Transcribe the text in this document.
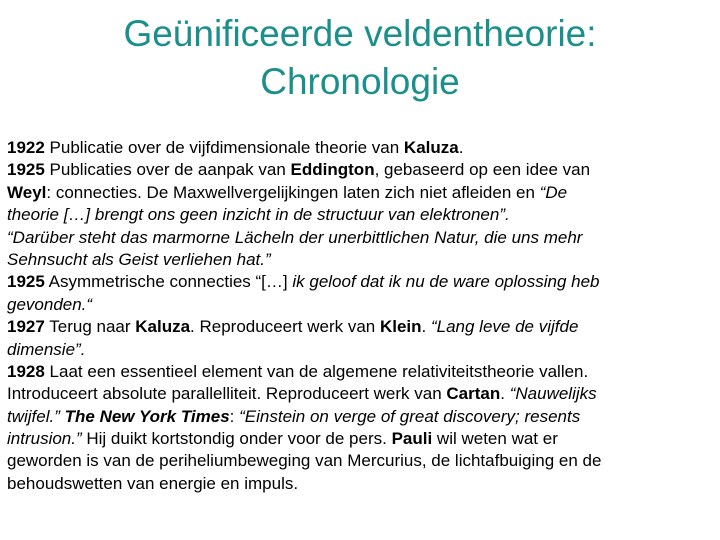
Geünificeerde veldentheorie:
Chronologie
1922 Publicatie over de vijfdimensionale theorie van Kaluza.
1925 Publicaties over de aanpak van Eddington, gebaseerd op een idee van
Weyl: connecties. De Maxwellvergelijkingen laten zich niet afleiden en “De
theorie […] brengt ons geen inzicht in de structuur van elektronen”.
“Darüber steht das marmorne Lächeln der unerbittlichen Natur, die uns mehr
Sehnsucht als Geist verliehen hat.”
1925 Asymmetrische connecties “[…] ik geloof dat ik nu de ware oplossing heb
gevonden.“
1927 Terug naar Kaluza. Reproduceert werk van Klein. “Lang leve de vijfde
dimensie”.
1928 Laat een essentieel element van de algemene relativiteitstheorie vallen.
Introduceert absolute parallelliteit. Reproduceert werk van Cartan. “Nauwelijks
twijfel.” The New York Times: “Einstein on verge of great discovery; resents
intrusion.” Hij duikt kortstondig onder voor de pers. Pauli wil weten wat er
geworden is van de periheliumbeweging van Mercurius, de lichtafbuiging en de
behoudswetten van energie en impuls.
